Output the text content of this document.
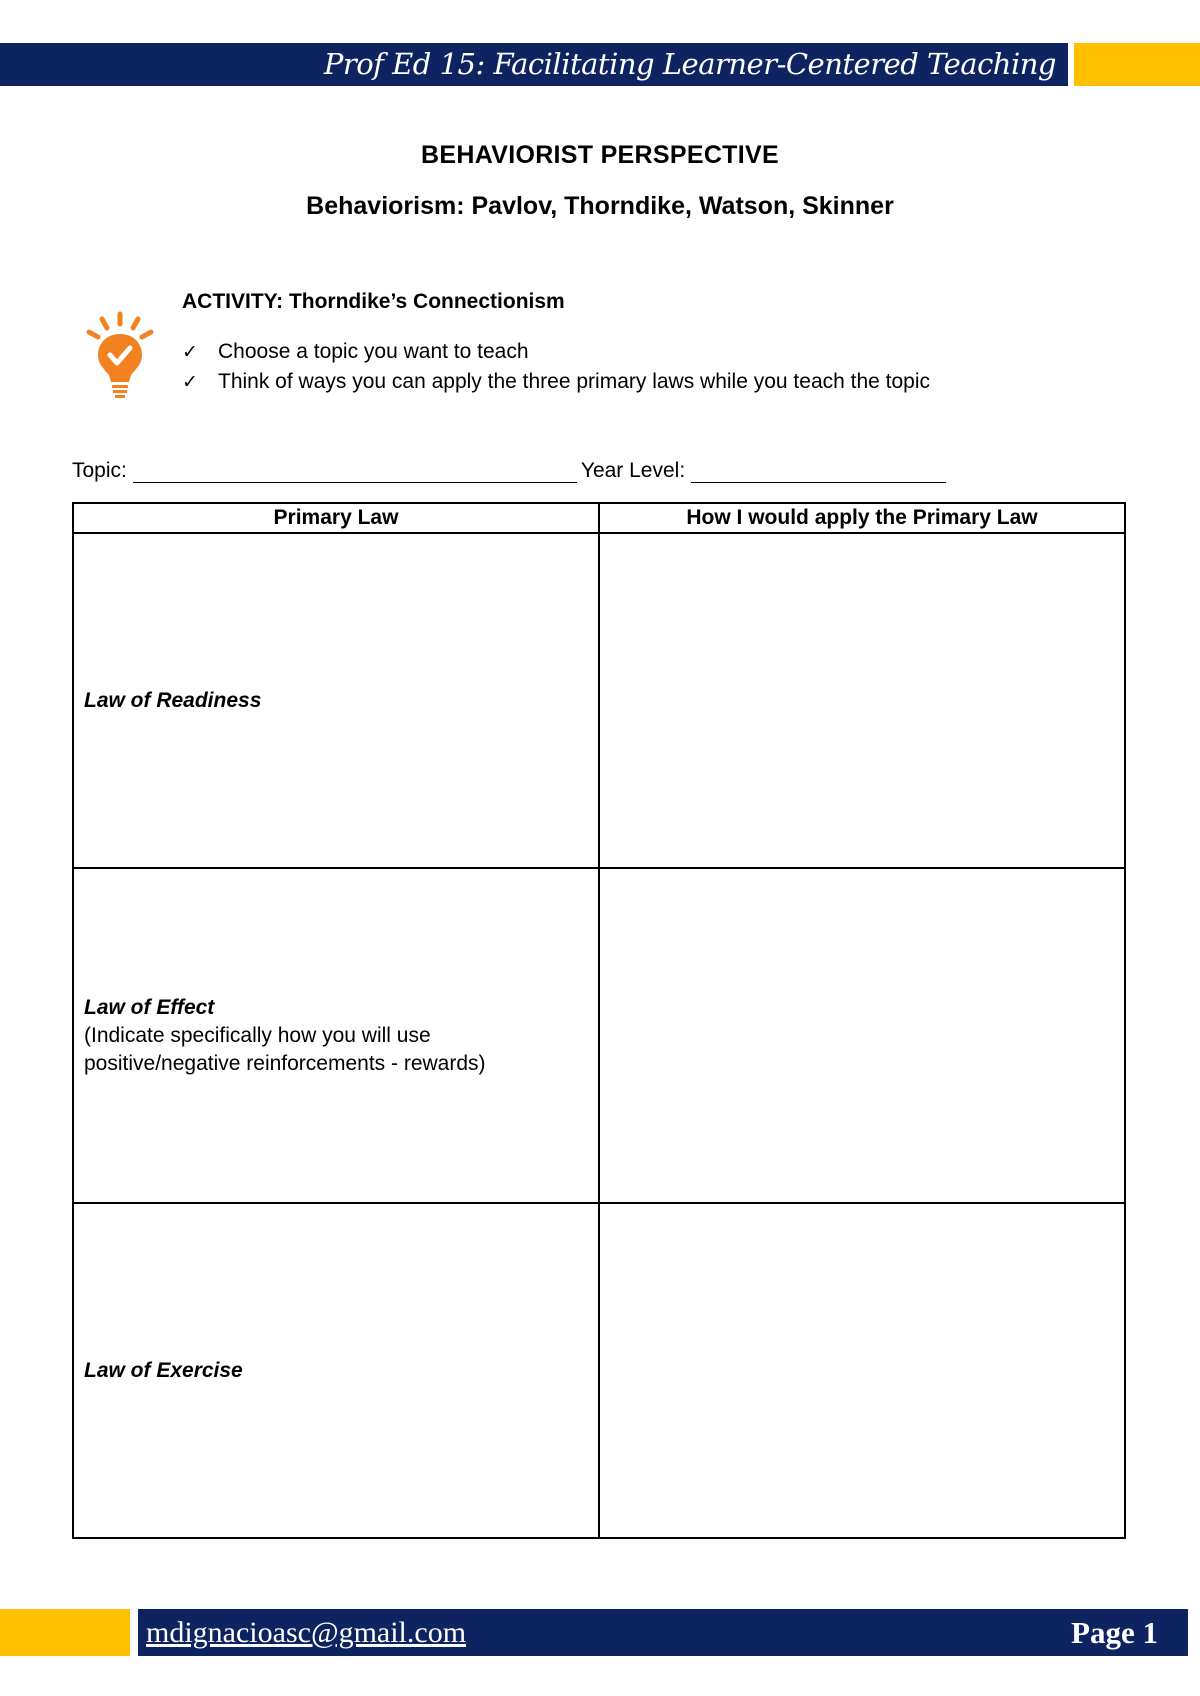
Prof Ed 15: Facilitating Learner-Centered Teaching
BEHAVIORIST PERSPECTIVE
Behaviorism: Pavlov, Thorndike, Watson, Skinner
ACTIVITY: Thorndike’s Connectionism
✓ Choose a topic you want to teach
✓ Think of ways you can apply the three primary laws while you teach the topic
Topic:	Year Level:
Primary Law	How I would apply the Primary Law
Law of Readiness	
Law of Effect
(Indicate specifically how you will use positive/negative reinforcements - rewards)	

Law of Exercise	
mdignacioasc@gmail.com	Page 1
